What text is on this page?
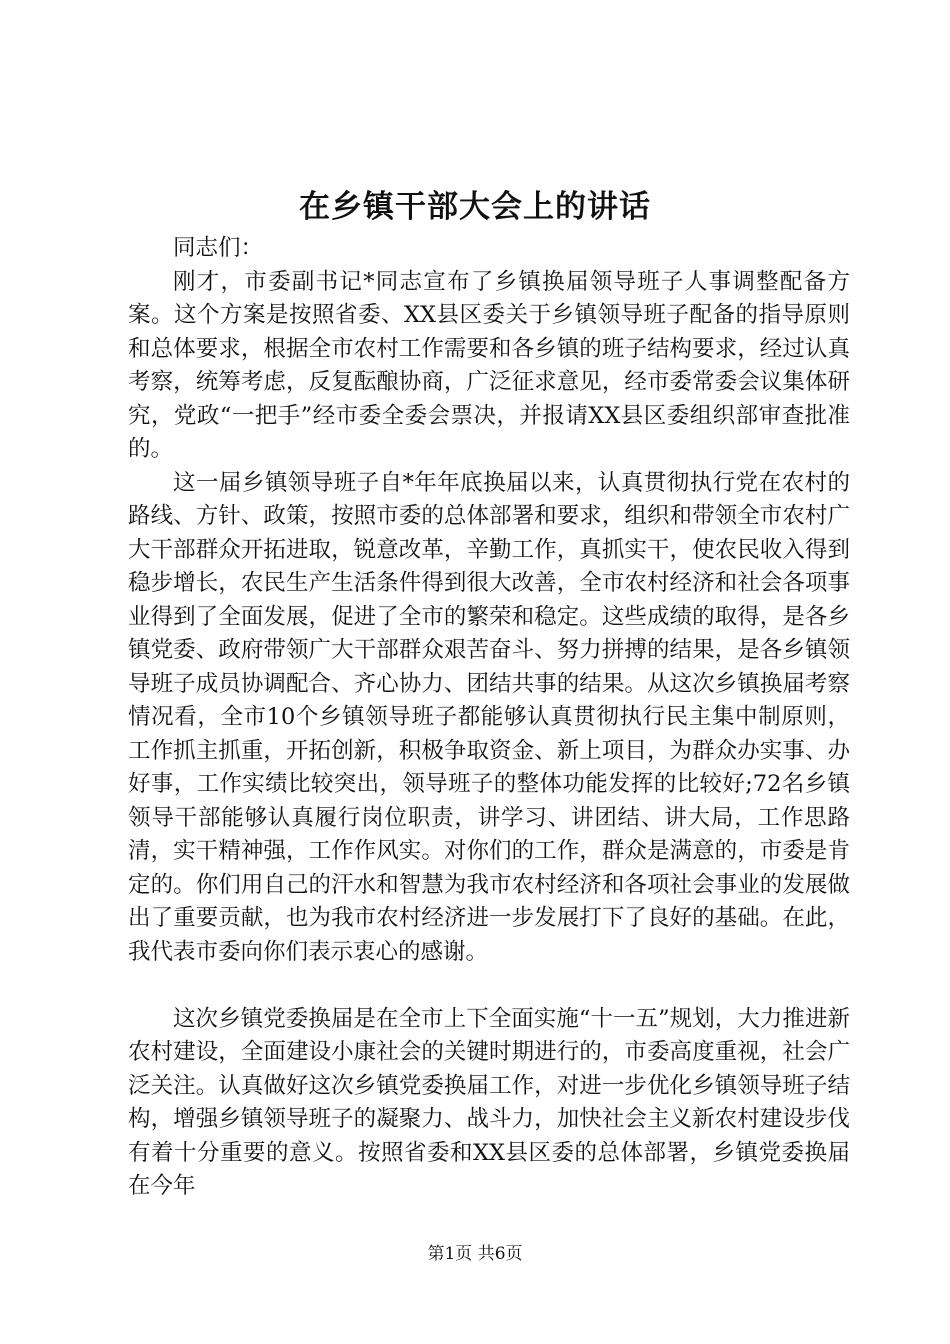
在乡镇干部大会上的讲话

同志们：

刚才，市委副书记*同志宣布了乡镇换届领导班子人事调整配备方案。这个方案是按照省委、XX县区委关于乡镇领导班子配备的指导原则和总体要求，根据全市农村工作需要和各乡镇的班子结构要求，经过认真考察，统筹考虑，反复酝酿协商，广泛征求意见，经市委常委会议集体研究，党政“一把手”经市委全委会票决，并报请XX县区委组织部审查批准的。

这一届乡镇领导班子自*年年底换届以来，认真贯彻执行党在农村的路线、方针、政策，按照市委的总体部署和要求，组织和带领全市农村广大干部群众开拓进取，锐意改革，辛勤工作，真抓实干，使农民收入得到稳步增长，农民生产生活条件得到很大改善，全市农村经济和社会各项事业得到了全面发展，促进了全市的繁荣和稳定。这些成绩的取得，是各乡镇党委、政府带领广大干部群众艰苦奋斗、努力拼搏的结果，是各乡镇领导班子成员协调配合、齐心协力、团结共事的结果。从这次乡镇换届考察情况看，全市10个乡镇领导班子都能够认真贯彻执行民主集中制原则，工作抓主抓重，开拓创新，积极争取资金、新上项目，为群众办实事、办好事，工作实绩比较突出，领导班子的整体功能发挥的比较好;72名乡镇领导干部能够认真履行岗位职责，讲学习、讲团结、讲大局，工作思路清，实干精神强，工作作风实。对你们的工作，群众是满意的，市委是肯定的。你们用自己的汗水和智慧为我市农村经济和各项社会事业的发展做出了重要贡献，也为我市农村经济进一步发展打下了良好的基础。在此，我代表市委向你们表示衷心的感谢。

这次乡镇党委换届是在全市上下全面实施“十一五”规划，大力推进新农村建设，全面建设小康社会的关键时期进行的，市委高度重视，社会广泛关注。认真做好这次乡镇党委换届工作，对进一步优化乡镇领导班子结构，增强乡镇领导班子的凝聚力、战斗力，加快社会主义新农村建设步伐有着十分重要的意义。按照省委和XX县区委的总体部署，乡镇党委换届在今年

第1页 共6页
